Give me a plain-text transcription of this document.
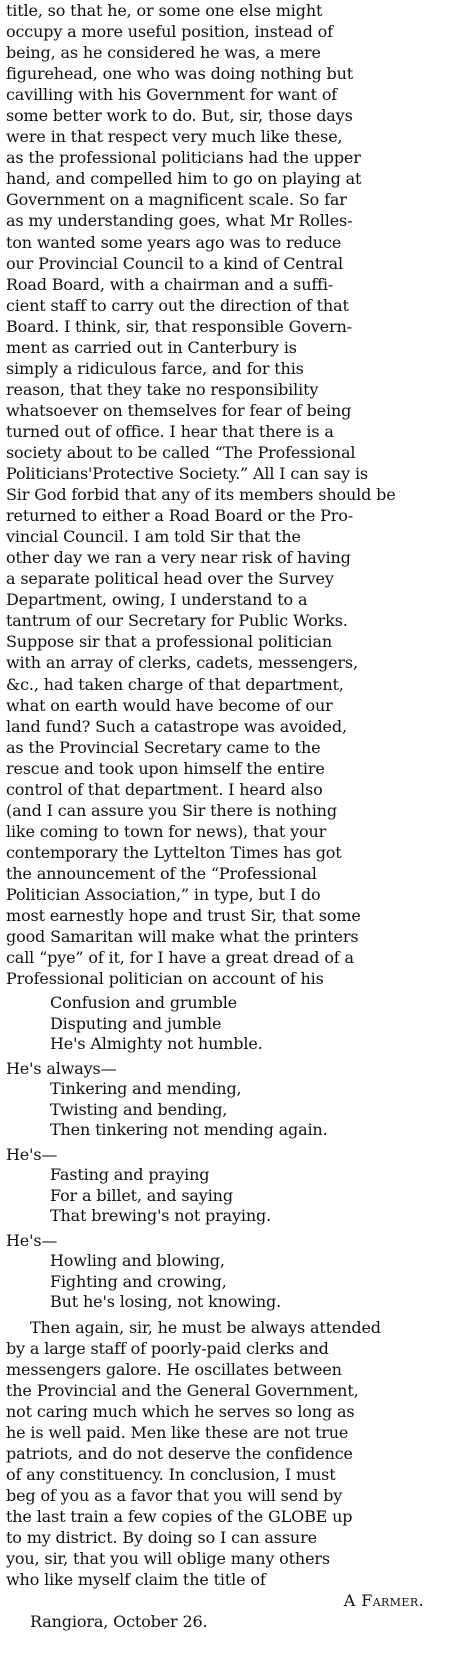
title, so that he, or some one else might
occupy a more useful position, instead of
being, as he considered he was, a mere
figurehead, one who was doing nothing but
cavilling with his Government for want of
some better work to do. But, sir, those days
were in that respect very much like these,
as the professional politicians had the upper
hand, and compelled him to go on playing at
Government on a magnificent scale. So far
as my understanding goes, what Mr Rolles-
ton wanted some years ago was to reduce
our Provincial Council to a kind of Central
Road Board, with a chairman and a suffi-
cient staff to carry out the direction of that
Board. I think, sir, that responsible Govern-
ment as carried out in Canterbury is
simply a ridiculous farce, and for this
reason, that they take no responsibility
whatsoever on themselves for fear of being
turned out of office. I hear that there is a
society about to be called “The Professional
Politicians'Protective Society.” All I can say is
Sir God forbid that any of its members should be
returned to either a Road Board or the Pro-
vincial Council. I am told Sir that the
other day we ran a very near risk of having
a separate political head over the Survey
Department, owing, I understand to a
tantrum of our Secretary for Public Works.
Suppose sir that a professional politician
with an array of clerks, cadets, messengers,
&c., had taken charge of that department,
what on earth would have become of our
land fund? Such a catastrope was avoided,
as the Provincial Secretary came to the
rescue and took upon himself the entire
control of that department. I heard also
(and I can assure you Sir there is nothing
like coming to town for news), that your
contemporary the Lyttelton Times has got
the announcement of the “Professional
Politician Association,” in type, but I do
most earnestly hope and trust Sir, that some
good Samaritan will make what the printers
call “pye” of it, for I have a great dread of a
Professional politician on account of his
Confusion and grumble
Disputing and jumble
He's Almighty not humble.
He's always—
Tinkering and mending,
Twisting and bending,
Then tinkering not mending again.
He's—
Fasting and praying
For a billet, and saying
That brewing's not praying.
He's—
Howling and blowing,
Fighting and crowing,
But he's losing, not knowing.
Then again, sir, he must be always attended
by a large staff of poorly-paid clerks and
messengers galore. He oscillates between
the Provincial and the General Government,
not caring much which he serves so long as
he is well paid. Men like these are not true
patriots, and do not deserve the confidence
of any constituency. In conclusion, I must
beg of you as a favor that you will send by
the last train a few copies of the GLOBE up
to my district. By doing so I can assure
you, sir, that you will oblige many others
who like myself claim the title of
A Farmer.
Rangiora, October 26.
